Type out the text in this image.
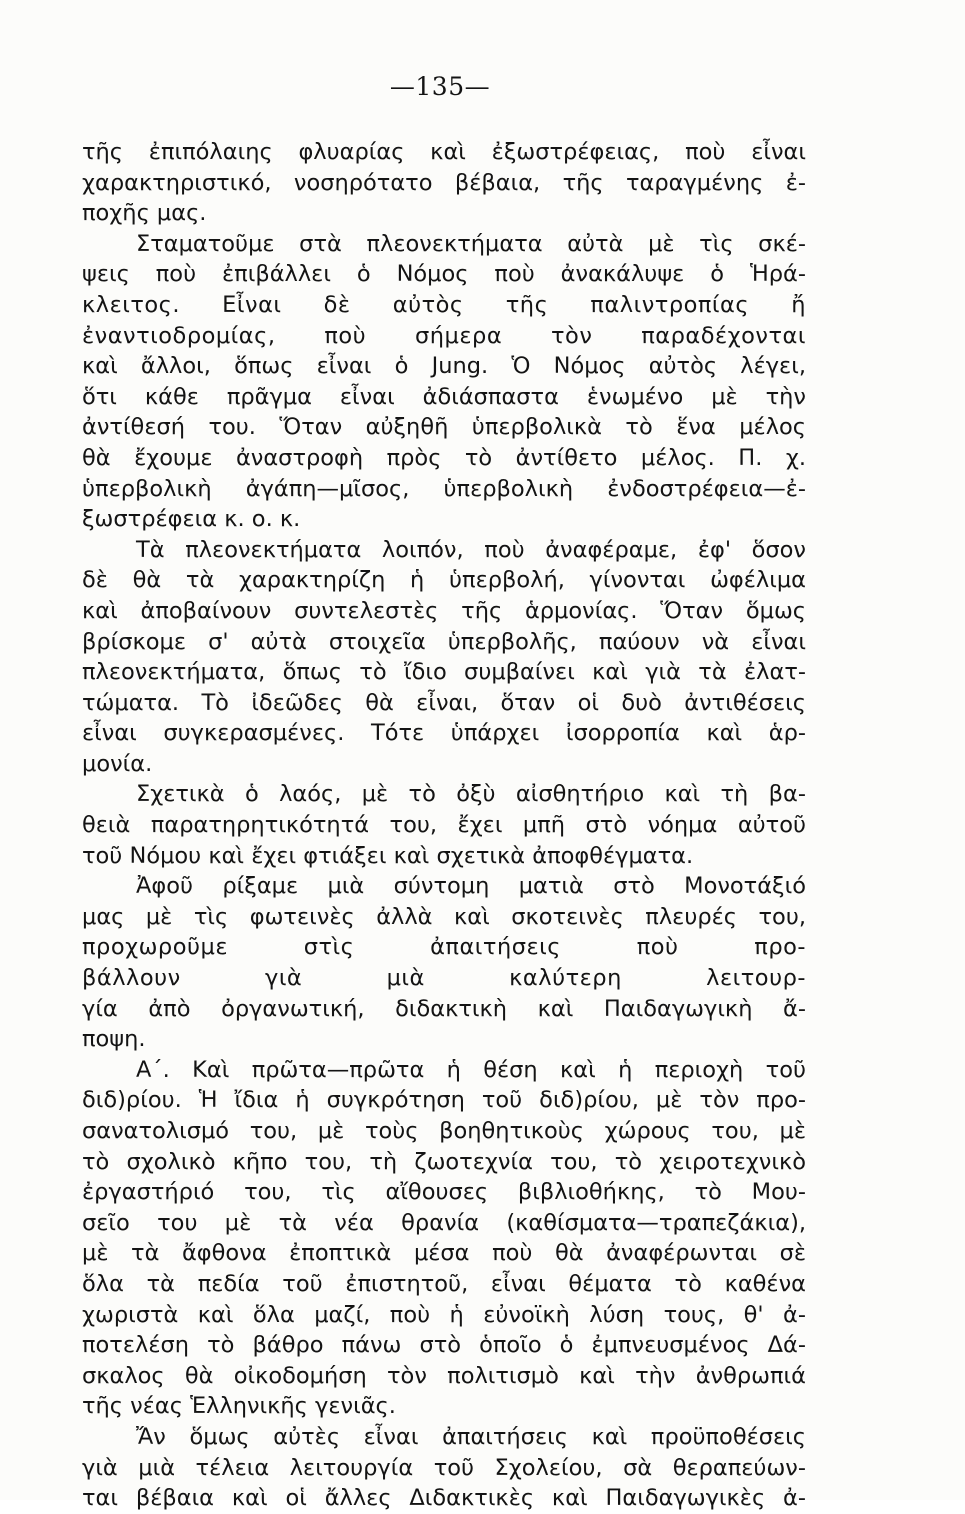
—135—
τῆς ἐπιπόλαιης φλυαρίας καὶ ἐξωστρέφειας, ποὺ εἶναι
χαρακτηριστικό, νοσηρότατο βέβαια, τῆς ταραγμένης ἐ-
ποχῆς μας.
Σταματοῦμε στὰ πλεονεκτήματα αὐτὰ μὲ τὶς σκέ-
ψεις ποὺ ἐπιβάλλει ὁ Νόμος ποὺ ἀνακάλυψε ὁ Ἡρά-
κλειτος. Εἶναι δὲ αὐτὸς τῆς παλιντροπίας ἤ
ἐναντιοδρομίας, ποὺ σήμερα τὸν παραδέχονται
καὶ ἄλλοι, ὅπως εἶναι ὁ Jung. Ὁ Νόμος αὐτὸς λέγει,
ὅτι κάθε πρᾶγμα εἶναι ἀδιάσπαστα ἑνωμένο μὲ τὴν
ἀντίθεσή του. Ὅταν αὐξηθῆ ὑπερβολικὰ τὸ ἕνα μέλος
θὰ ἔχουμε ἀναστροφὴ πρὸς τὸ ἀντίθετο μέλος. Π. χ.
ὑπερβολικὴ ἀγάπη—μῖσος, ὑπερβολικὴ ἐνδοστρέφεια—ἐ-
ξωστρέφεια κ. ο. κ.
Τὰ πλεονεκτήματα λοιπόν, ποὺ ἀναφέραμε, ἐφ' ὅσον
δὲ θὰ τὰ χαρακτηρίζη ἡ ὑπερβολή, γίνονται ὠφέλιμα
καὶ ἀποβαίνουν συντελεστὲς τῆς ἁρμονίας. Ὅταν ὅμως
βρίσκομε σ' αὐτὰ στοιχεῖα ὑπερβολῆς, παύουν νὰ εἶναι
πλεονεκτήματα, ὅπως τὸ ἴδιο συμβαίνει καὶ γιὰ τὰ ἐλατ-
τώματα. Τὸ ἰδεῶδες θὰ εἶναι, ὅταν οἱ δυὸ ἀντιθέσεις
εἶναι συγκερασμένες. Τότε ὑπάρχει ἰσορροπία καὶ ἁρ-
μονία.
Σχετικὰ ὁ λαός, μὲ τὸ ὀξὺ αἰσθητήριο καὶ τὴ βα-
θειὰ παρατηρητικότητά του, ἔχει μπῆ στὸ νόημα αὐτοῦ
τοῦ Νόμου καὶ ἔχει φτιάξει καὶ σχετικὰ ἀποφθέγματα.
Ἀφοῦ ρίξαμε μιὰ σύντομη ματιὰ στὸ Μονοτάξιό
μας μὲ τὶς φωτεινὲς ἀλλὰ καὶ σκοτεινὲς πλευρές του,
προχωροῦμε στὶς ἀπαιτήσεις ποὺ προ-
βάλλουν γιὰ μιὰ καλύτερη λειτουρ-
γία ἀπὸ ὀργανωτική, διδακτικὴ καὶ Παιδαγωγικὴ ἄ-
ποψη.
Α΄. Καὶ πρῶτα—πρῶτα ἡ θέση καὶ ἡ περιοχὴ τοῦ
διδ)ρίου. Ἡ ἴδια ἡ συγκρότηση τοῦ διδ)ρίου, μὲ τὸν προ-
σανατολισμό του, μὲ τοὺς βοηθητικοὺς χώρους του, μὲ
τὸ σχολικὸ κῆπο του, τὴ ζωοτεχνία του, τὸ χειροτεχνικὸ
ἐργαστήριό του, τὶς αἴθουσες βιβλιοθήκης, τὸ Μου-
σεῖο του μὲ τὰ νέα θρανία (καθίσματα—τραπεζάκια),
μὲ τὰ ἄφθονα ἐποπτικὰ μέσα ποὺ θὰ ἀναφέρωνται σὲ
ὅλα τὰ πεδία τοῦ ἐπιστητοῦ, εἶναι θέματα τὸ καθένα
χωριστὰ καὶ ὅλα μαζί, ποὺ ἡ εὐνοϊκὴ λύση τους, θ' ἀ-
ποτελέση τὸ βάθρο πάνω στὸ ὁποῖο ὁ ἐμπνευσμένος Δά-
σκαλος θὰ οἰκοδομήση τὸν πολιτισμὸ καὶ τὴν ἀνθρωπιά
τῆς νέας Ἑλληνικῆς γενιᾶς.
Ἄν ὅμως αὐτὲς εἶναι ἀπαιτήσεις καὶ προϋποθέσεις
γιὰ μιὰ τέλεια λειτουργία τοῦ Σχολείου, σὰ θεραπεύων-
ται βέβαια καὶ οἱ ἄλλες Διδακτικὲς καὶ Παιδαγωγικὲς ἀ-
